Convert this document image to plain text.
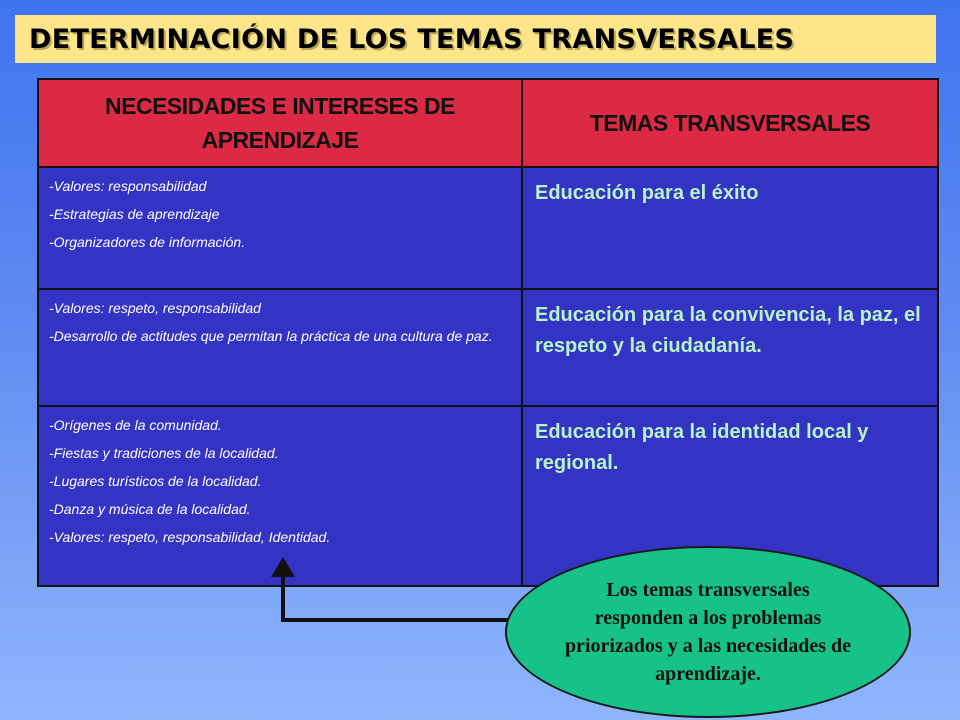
DETERMINACIÓN DE LOS TEMAS TRANSVERSALES
NECESIDADES E INTERESES DE APRENDIZAJE	TEMAS TRANSVERSALES

-Valores: responsabilidad
-Estrategias de aprendizaje
-Organizadores de información.	Educación para el éxito

-Valores: respeto, responsabilidad
-Desarrollo de actitudes que permitan la práctica de una cultura de paz.	Educación para la convivencia, la paz, el respeto y la ciudadanía.

-Orígenes de la comunidad.
-Fiestas y tradiciones de la localidad.
-Lugares turísticos de la localidad.
-Danza y música de la localidad.
-Valores: respeto, responsabilidad, Identidad.	Educación para la identidad local y regional.
Los temas transversales responden a los problemas priorizados y a las necesidades de aprendizaje.
